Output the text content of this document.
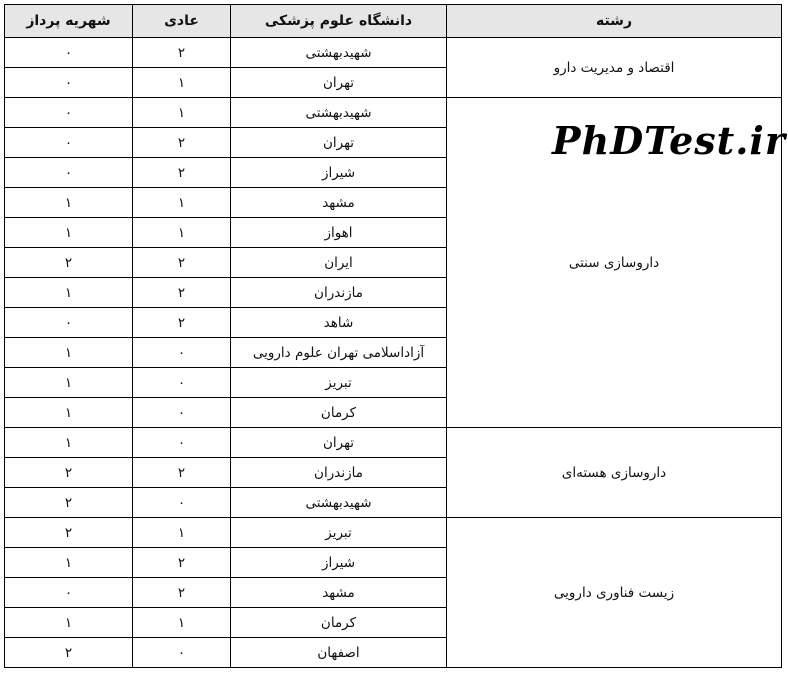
رشته	دانشگاه علوم پزشکی	عادی	شهریه پرداز
اقتصاد و مدیریت دارو	شهیدبهشتی	۲	۰
	تهران	۱	۰
داروسازی سنتی	شهیدبهشتی	۱	۰
	تهران	۲	۰
	شیراز	۲	۰
	مشهد	۱	۱
	اهواز	۱	۱
	ایران	۲	۲
	مازندران	۲	۱
	شاهد	۲	۰
	آزاداسلامی تهران علوم دارویی	۰	۱
	تبریز	۰	۱
	کرمان	۰	۱
داروسازی هسته‌ای	تهران	۰	۱
	مازندران	۲	۲
	شهیدبهشتی	۰	۲
زیست فناوری دارویی	تبریز	۱	۲
	شیراز	۲	۱
	مشهد	۲	۰
	کرمان	۱	۱
	اصفهان	۰	۲
PhDTest.ir
